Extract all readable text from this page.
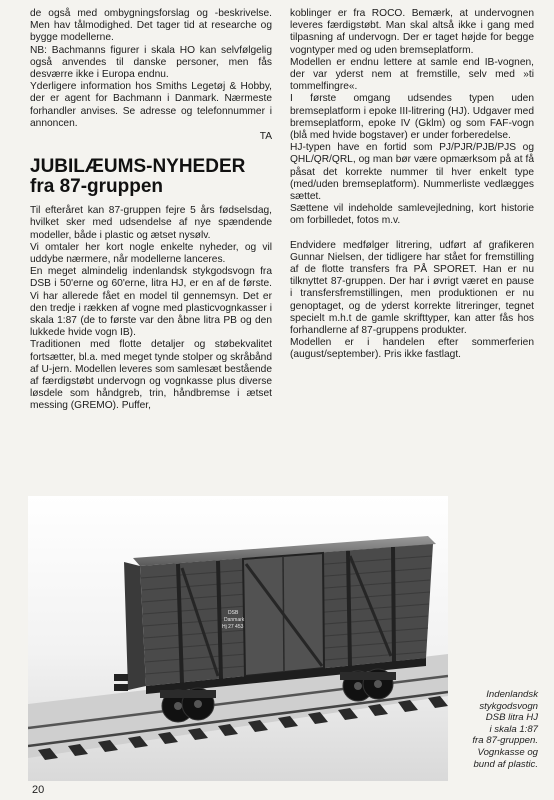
de også med ombygningsforslag og -beskrivelse. Men hav tålmodighed. Det tager tid at researche og bygge modellerne.

NB: Bachmanns figurer i skala HO kan selvfølgelig også anvendes til danske personer, men fås desværre ikke i Europa endnu.

Yderligere information hos Smiths Legetøj & Hobby, der er agent for Bachmann i Danmark. Nærmeste forhandler anvises. Se adresse og telefonnummer i annoncen.

TA
JUBILÆUMS-NYHEDER
fra 87-gruppen

Til efteråret kan 87-gruppen fejre 5 års fødselsdag, hvilket sker med udsendelse af nye spændende modeller, både i plastic og ætset nysølv.

Vi omtaler her kort nogle enkelte nyheder, og vil uddybe nærmere, når modellerne lanceres.

En meget almindelig indenlandsk stykgodsvogn fra DSB i 50'erne og 60'erne, litra HJ, er en af de første. Vi har allerede fået en model til gennemsyn. Det er den tredje i rækken af vogne med plasticvognkasser i skala 1:87 (de to første var den åbne litra PB og den lukkede hvide vogn IB).

Traditionen med flotte detaljer og støbekvalitet fortsætter, bl.a. med meget tynde stolper og skråbånd af U-jern. Modellen leveres som samlesæt bestående af færdigstøbt undervogn og vognkasse plus diverse løsdele som håndgreb, trin, håndbremse i ætset messing (GREMO). Puffer,

koblinger er fra ROCO. Bemærk, at undervognen leveres færdigstøbt. Man skal altså ikke i gang med tilpasning af undervogn. Der er taget højde for begge vogntyper med og uden bremseplatform.

Modellen er endnu lettere at samle end IB-vognen, der var yderst nem at fremstille, selv med »ti tommelfingre«.

I første omgang udsendes typen uden bremseplatform i epoke III-litrering (HJ). Udgaver med bremseplatform, epoke IV (Gklm) og som FAF-vogn (blå med hvide bogstaver) er under forberedelse.

HJ-typen have en fortid som PJ/PJR/PJB/PJS og QHL/QR/QRL, og man bør være opmærksom på at få påsat det korrekte nummer til hver enkelt type (med/uden bremseplatform). Nummerliste vedlægges sættet.

Sættene vil indeholde samlevejledning, kort historie om forbilledet, fotos m.v.

Endvidere medfølger litrering, udført af grafikeren Gunnar Nielsen, der tidligere har stået for fremstilling af de flotte transfers fra PÅ SPORET. Han er nu tilknyttet 87-gruppen. Der har i øvrigt været en pause i transfersfremstillingen, men produktionen er nu genoptaget, og de yderst korrekte litreringer, tegnet specielt m.h.t de gamle skrifttyper, kan atter fås hos forhandlerne af 87-gruppens produkter.

Modellen er i handelen efter sommerferien (august/september). Pris ikke fastlagt.

DSB
Danmark
Hj 27 453
Indenlandsk
stykgodsvogn
DSB litra HJ
i skala 1:87
fra 87-gruppen.
Vognkasse og
bund af plastic.
20
